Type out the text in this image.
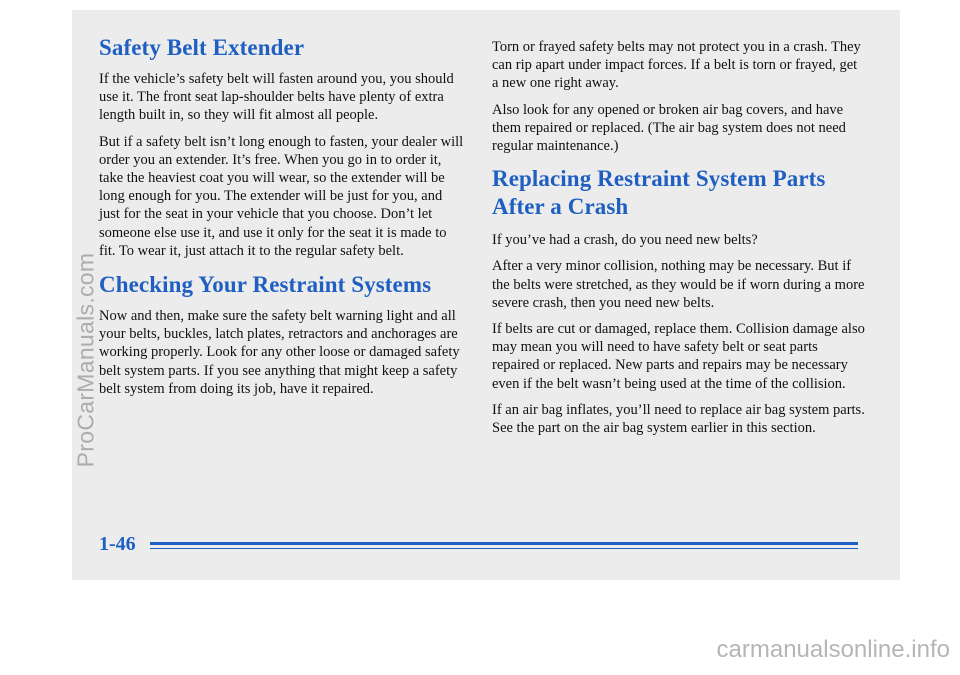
Safety Belt Extender

If the vehicle’s safety belt will fasten around you, you should use it. The front seat lap-shoulder belts have plenty of extra length built in, so they will fit almost all people.

But if a safety belt isn’t long enough to fasten, your dealer will order you an extender. It’s free. When you go in to order it, take the heaviest coat you will wear, so the extender will be long enough for you. The extender will be just for you, and just for the seat in your vehicle that you choose. Don’t let someone else use it, and use it only for the seat it is made to fit. To wear it, just attach it to the regular safety belt.

Checking Your Restraint Systems

Now and then, make sure the safety belt warning light and all your belts, buckles, latch plates, retractors and anchorages are working properly. Look for any other loose or damaged safety belt system parts. If you see anything that might keep a safety belt system from doing its job, have it repaired.

Torn or frayed safety belts may not protect you in a crash. They can rip apart under impact forces. If a belt is torn or frayed, get a new one right away.

Also look for any opened or broken air bag covers, and have them repaired or replaced. (The air bag system does not need regular maintenance.)

Replacing Restraint System Parts After a Crash

If you’ve had a crash, do you need new belts?

After a very minor collision, nothing may be necessary. But if the belts were stretched, as they would be if worn during a more severe crash, then you need new belts.

If belts are cut or damaged, replace them. Collision damage also may mean you will need to have safety belt or seat parts repaired or replaced. New parts and repairs may be necessary even if the belt wasn’t being used at the time of the collision.

If an air bag inflates, you’ll need to replace air bag system parts. See the part on the air bag system earlier in this section.

1-46
ProCarManuals.com
carmanualsonline.info
